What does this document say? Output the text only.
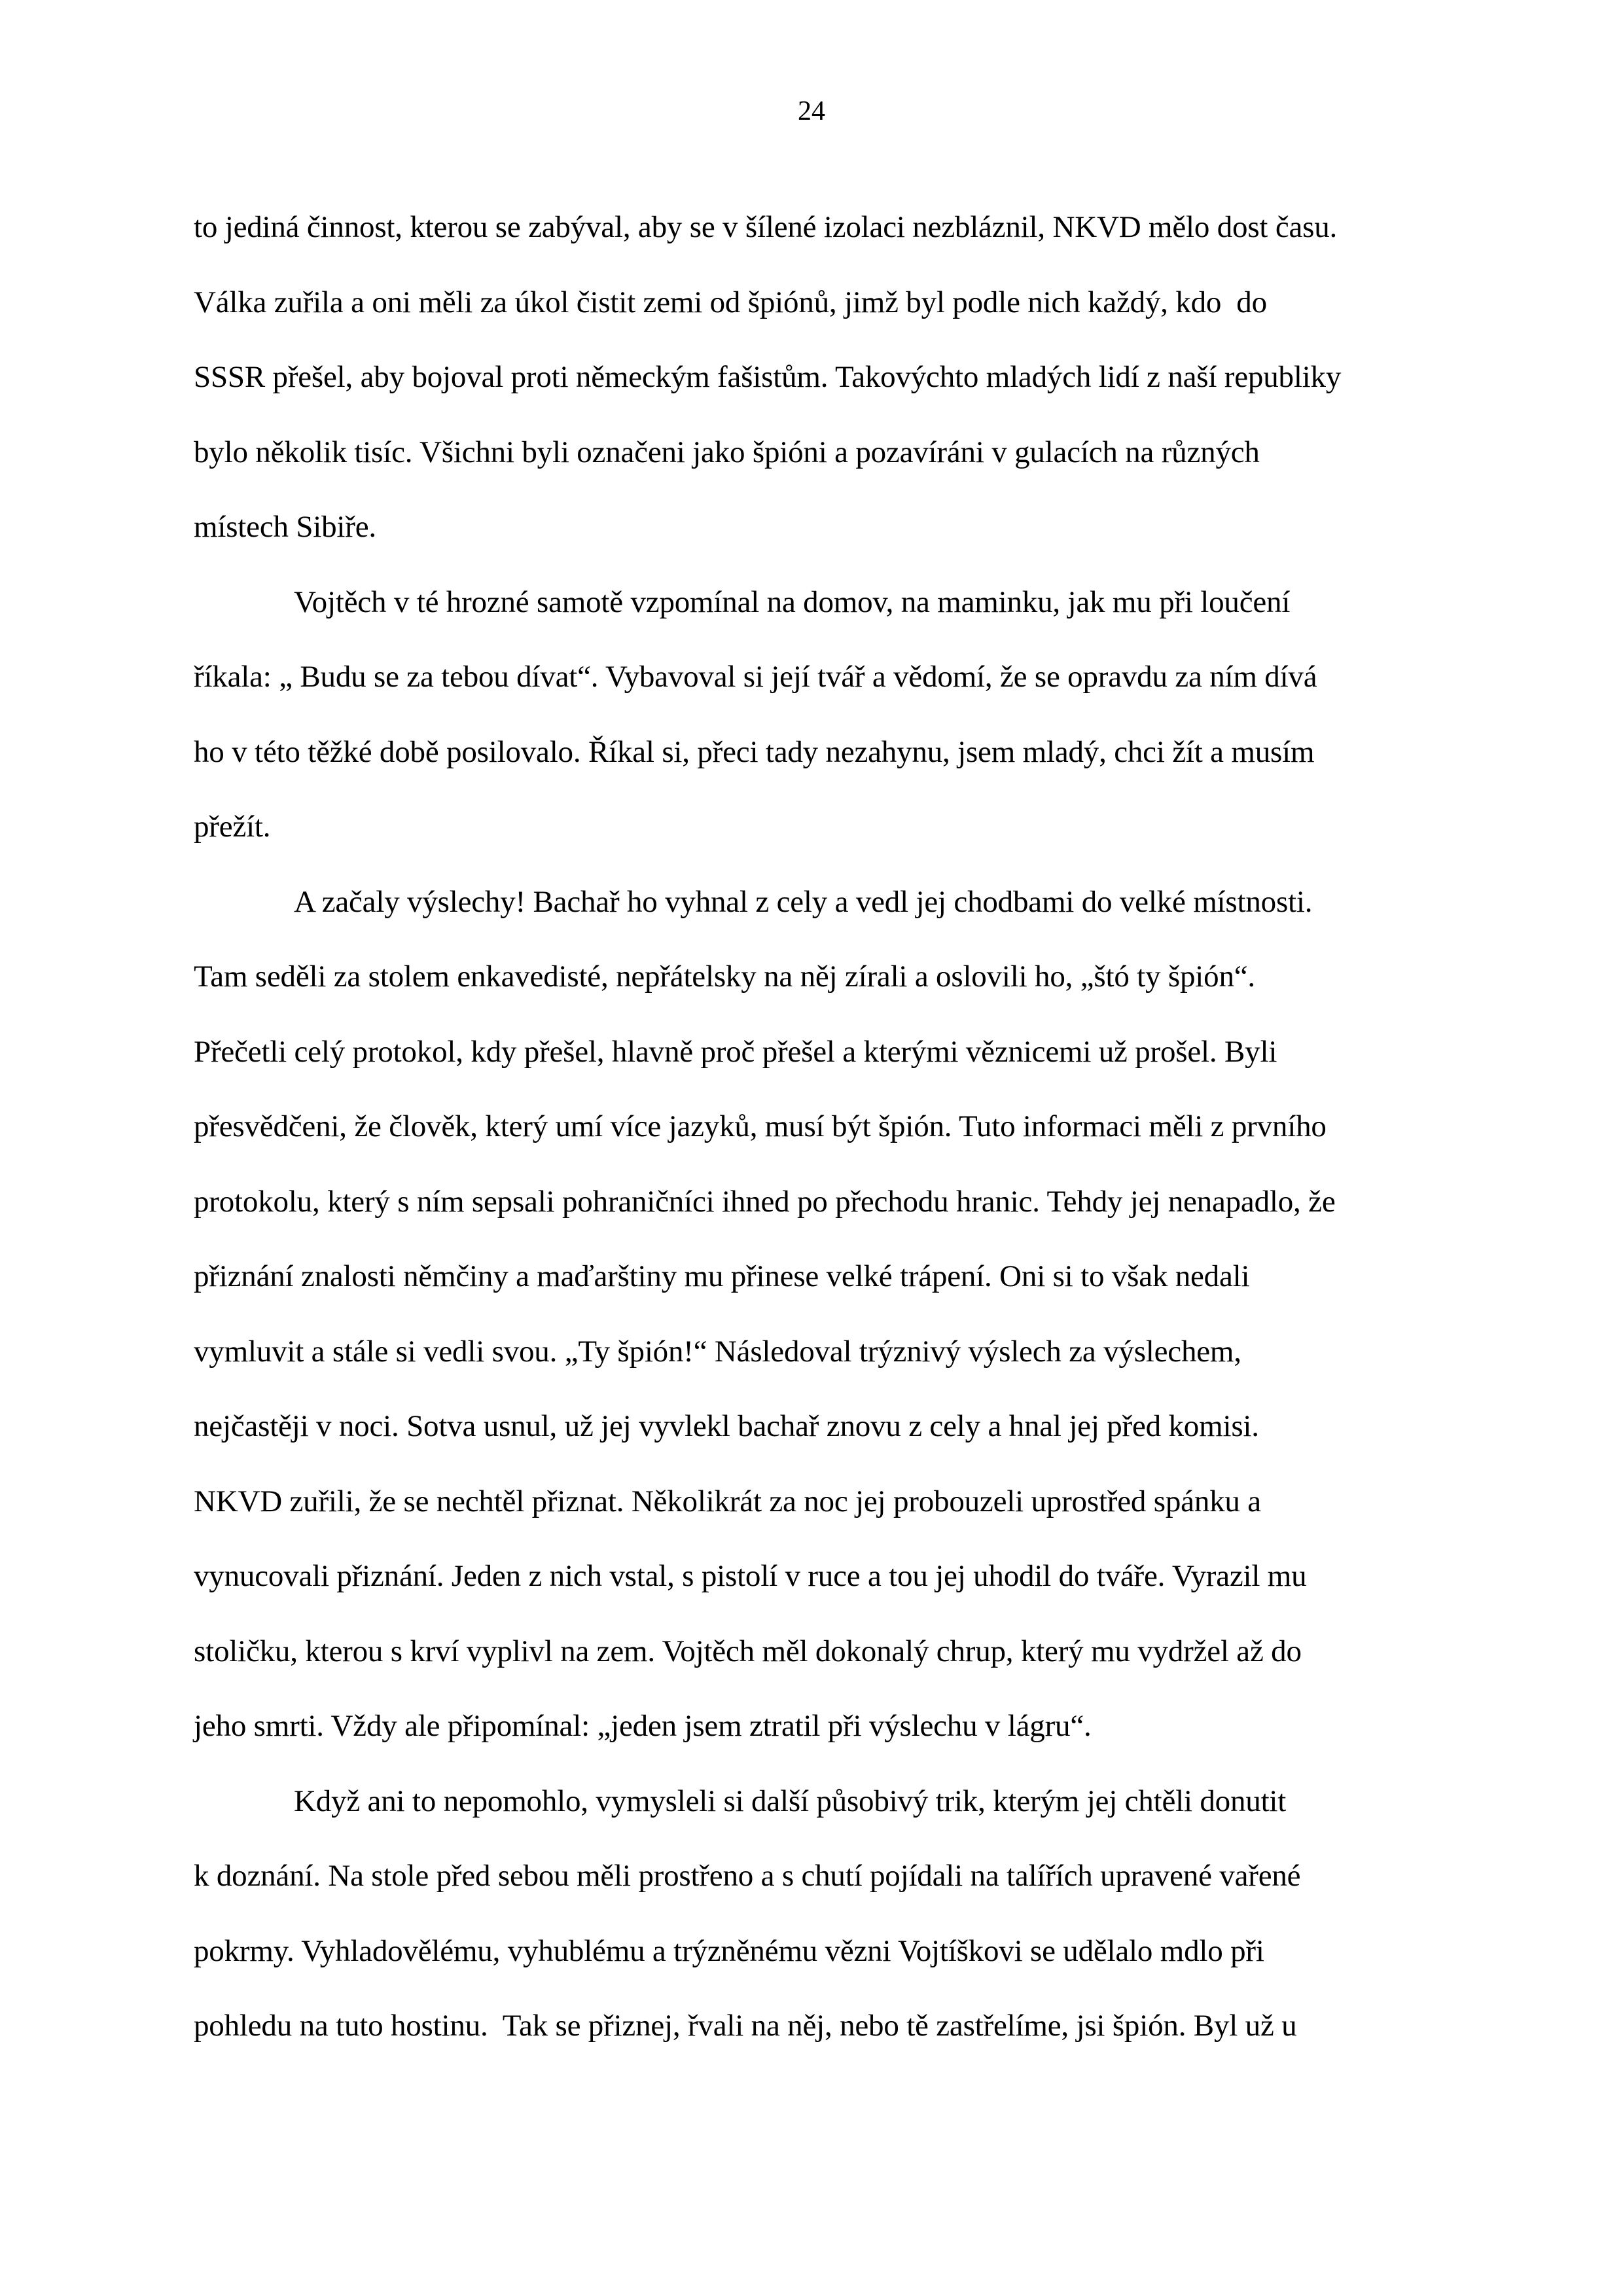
24
to jediná činnost, kterou se zabýval, aby se v šílené izolaci nezbláznil, NKVD mělo dost času.
Válka zuřila a oni měli za úkol čistit zemi od špiónů, jimž byl podle nich každý, kdo  do
SSSR přešel, aby bojoval proti německým fašistům. Takovýchto mladých lidí z naší republiky
bylo několik tisíc. Všichni byli označeni jako špióni a pozavíráni v gulacích na různých
místech Sibiře.
Vojtěch v té hrozné samotě vzpomínal na domov, na maminku, jak mu při loučení
říkala: „ Budu se za tebou dívat“. Vybavoval si její tvář a vědomí, že se opravdu za ním dívá
ho v této těžké době posilovalo. Říkal si, přeci tady nezahynu, jsem mladý, chci žít a musím
přežít.
A začaly výslechy! Bachař ho vyhnal z cely a vedl jej chodbami do velké místnosti.
Tam seděli za stolem enkavedisté, nepřátelsky na něj zírali a oslovili ho, „štó ty špión“.
Přečetli celý protokol, kdy přešel, hlavně proč přešel a kterými věznicemi už prošel. Byli
přesvědčeni, že člověk, který umí více jazyků, musí být špión. Tuto informaci měli z prvního
protokolu, který s ním sepsali pohraničníci ihned po přechodu hranic. Tehdy jej nenapadlo, že
přiznání znalosti němčiny a maďarštiny mu přinese velké trápení. Oni si to však nedali
vymluvit a stále si vedli svou. „Ty špión!“ Následoval trýznivý výslech za výslechem,
nejčastěji v noci. Sotva usnul, už jej vyvlekl bachař znovu z cely a hnal jej před komisi.
NKVD zuřili, že se nechtěl přiznat. Několikrát za noc jej probouzeli uprostřed spánku a
vynucovali přiznání. Jeden z nich vstal, s pistolí v ruce a tou jej uhodil do tváře. Vyrazil mu
stoličku, kterou s krví vyplivl na zem. Vojtěch měl dokonalý chrup, který mu vydržel až do
jeho smrti. Vždy ale připomínal: „jeden jsem ztratil při výslechu v lágru“.
Když ani to nepomohlo, vymysleli si další působivý trik, kterým jej chtěli donutit
k doznání. Na stole před sebou měli prostřeno a s chutí pojídali na talířích upravené vařené
pokrmy. Vyhladovělému, vyhublému a trýzněnému vězni Vojtíškovi se udělalo mdlo při
pohledu na tuto hostinu.  Tak se přiznej, řvali na něj, nebo tě zastřelíme, jsi špión. Byl už u
